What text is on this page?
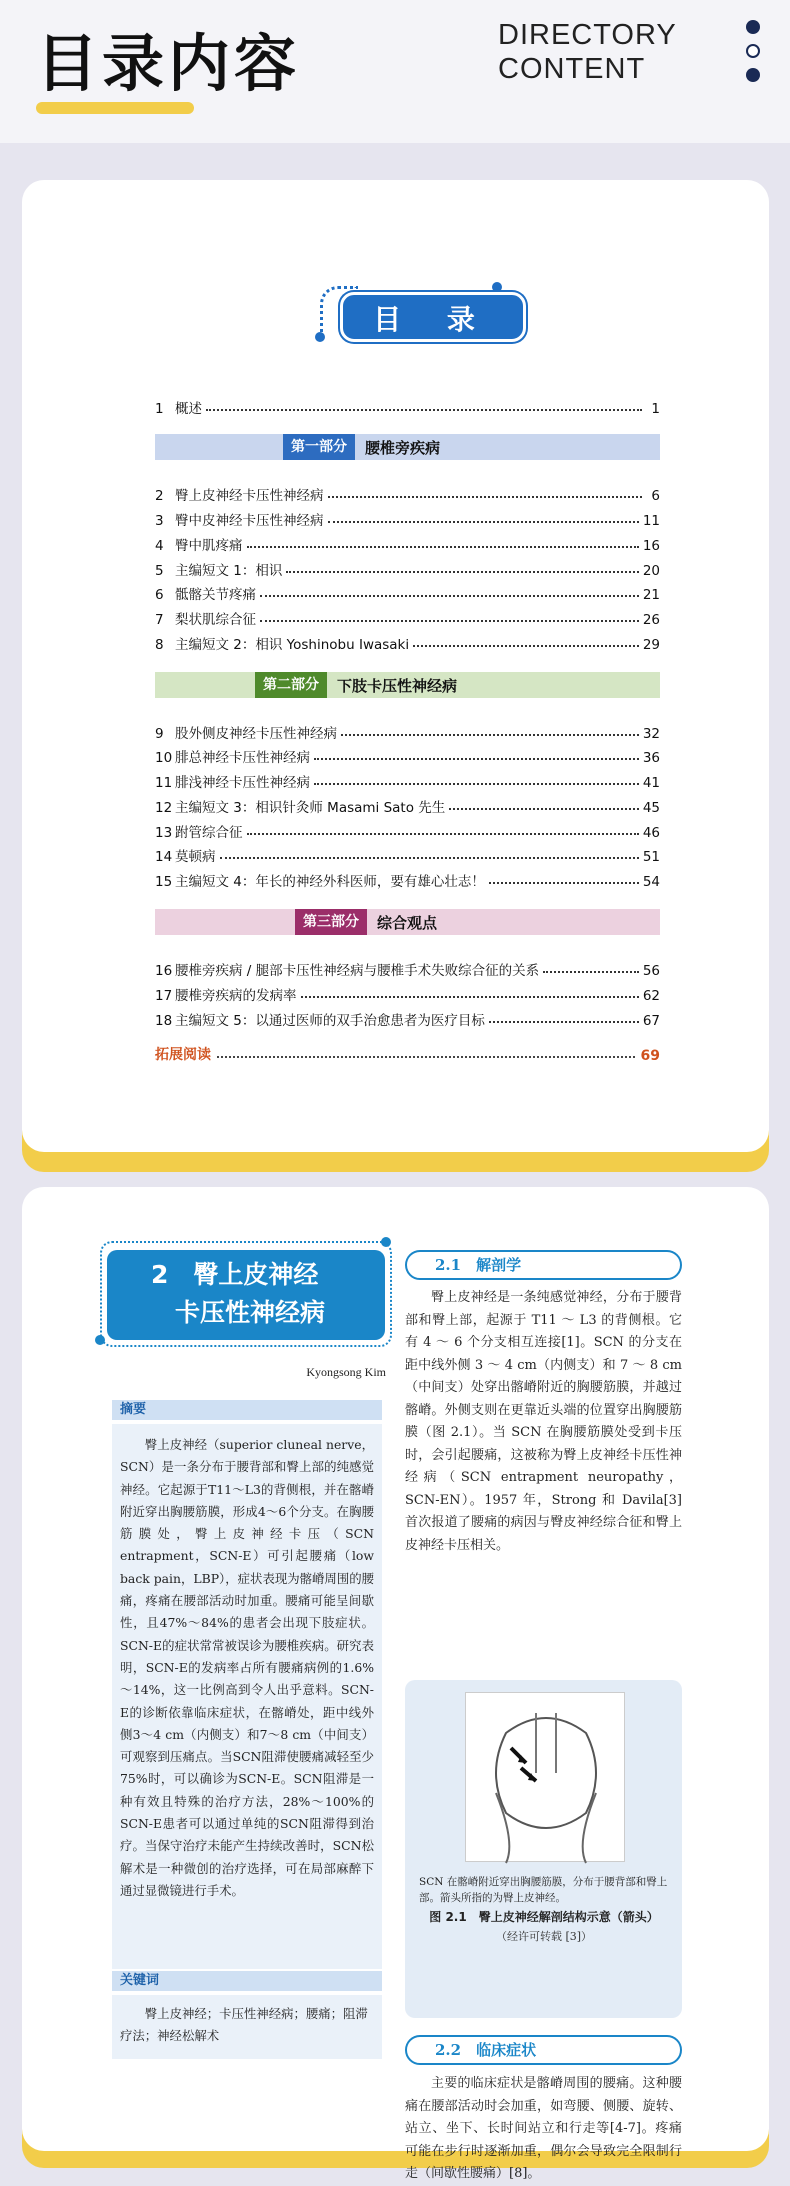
目录内容	DIRECTORY
CONTENT
目 录
1 概述	1
第一部分	腰椎旁疾病
2 臀上皮神经卡压性神经病	6
3 臀中皮神经卡压性神经病	11
4 臀中肌疼痛	16
5 主编短文 1：相识	20
6 骶髂关节疼痛	21
7 梨状肌综合征	26
8 主编短文 2：相识 Yoshinobu Iwasaki	29
第二部分	下肢卡压性神经病
9 股外侧皮神经卡压性神经病	32
10 腓总神经卡压性神经病	36
11 腓浅神经卡压性神经病	41
12 主编短文 3：相识针灸师 Masami Sato 先生	45
13 跗管综合征	46
14 莫顿病	51
15 主编短文 4：年长的神经外科医师，要有雄心壮志！	54
第三部分	综合观点
16 腰椎旁疾病 / 腿部卡压性神经病与腰椎手术失败综合征的关系	56
17 腰椎旁疾病的发病率	62
18 主编短文 5：以通过医师的双手治愈患者为医疗目标	67
拓展阅读	69
2　臀上皮神经
卡压性神经病
Kyongsong Kim
摘要
臀上皮神经（superior cluneal nerve，SCN）是一条分布于腰背部和臀上部的纯感觉神经。它起源于T11～L3的背侧根，并在髂嵴附近穿出胸腰筋膜，形成4～6个分支。在胸腰筋膜处，臀上皮神经卡压（SCN entrapment，SCN-E）可引起腰痛（low back pain，LBP），症状表现为髂嵴周围的腰痛，疼痛在腰部活动时加重。腰痛可能呈间歇性，且47%～84%的患者会出现下肢症状。SCN-E的症状常常被误诊为腰椎疾病。研究表明，SCN-E的发病率占所有腰痛病例的1.6%～14%，这一比例高到令人出乎意料。SCN-E的诊断依靠临床症状，在髂嵴处，距中线外侧3～4 cm（内侧支）和7～8 cm（中间支）可观察到压痛点。当SCN阻滞使腰痛减轻至少75%时，可以确诊为SCN-E。SCN阻滞是一种有效且特殊的治疗方法，28%～100%的SCN-E患者可以通过单纯的SCN阻滞得到治疗。当保守治疗未能产生持续改善时，SCN松解术是一种微创的治疗选择，可在局部麻醉下通过显微镜进行手术。
关键词
臀上皮神经；卡压性神经病；腰痛；阻滞疗法；神经松解术
2.1　解剖学
臀上皮神经是一条纯感觉神经，分布于腰背部和臀上部，起源于 T11 ～ L3 的背侧根。它有 4 ～ 6 个分支相互连接[1]。SCN 的分支在距中线外侧 3 ～ 4 cm（内侧支）和 7 ～ 8 cm（中间支）处穿出髂嵴附近的胸腰筋膜，并越过髂嵴。外侧支则在更靠近头端的位置穿出胸腰筋膜（图 2.1）。当 SCN 在胸腰筋膜处受到卡压时，会引起腰痛，这被称为臀上皮神经卡压性神经病（SCN entrapment neuropathy，SCN-EN）。1957 年，Strong 和 Davila[3] 首次报道了腰痛的病因与臀皮神经综合征和臀上皮神经卡压相关。
SCN 在髂嵴附近穿出胸腰筋膜，分布于腰背部和臀上部。箭头所指的为臀上皮神经。
图 2.1　臀上皮神经解剖结构示意（箭头）
（经许可转载 [3]）
2.2　临床症状
主要的临床症状是髂嵴周围的腰痛。这种腰痛在腰部活动时会加重，如弯腰、侧腰、旋转、站立、坐下、长时间站立和行走等[4-7]。疼痛可能在步行时逐渐加重，偶尔会导致完全限制行走（间歇性腰痛）[8]。
